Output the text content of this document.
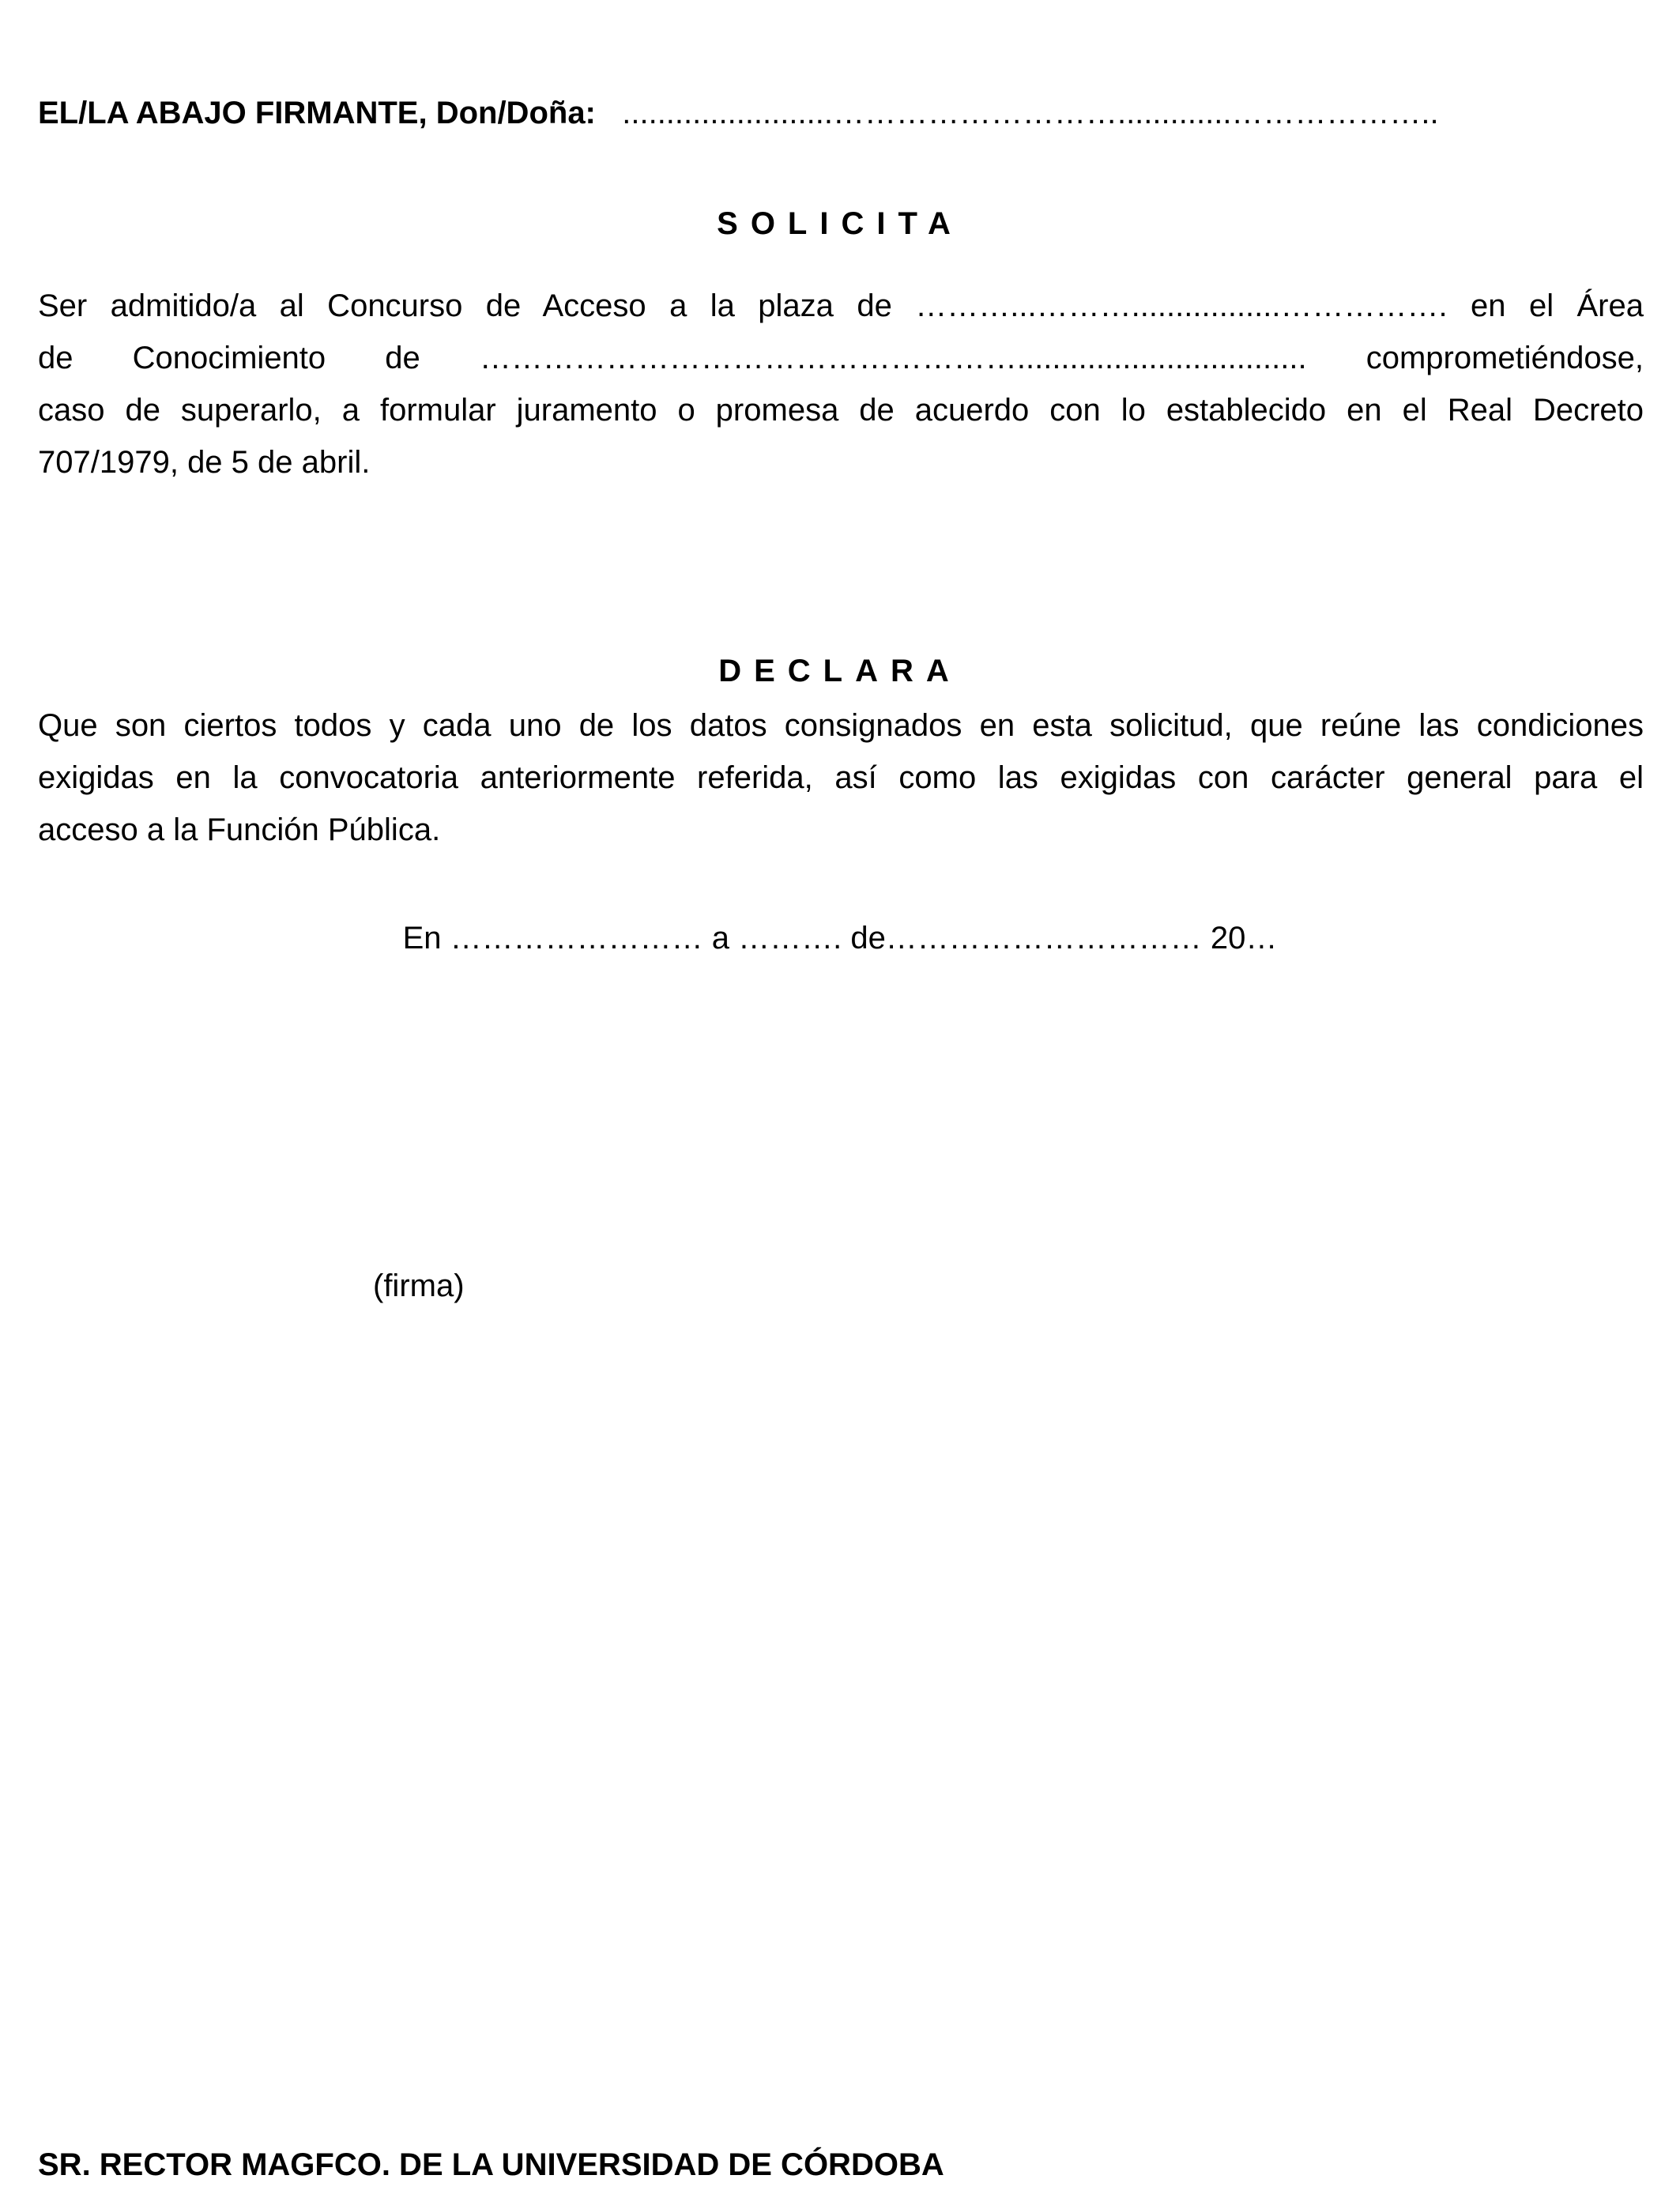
EL/LA ABAJO FIRMANTE, Don/Doña: ........................……………………….............………………..
SOLICITA
Ser admitido/a al Concurso de Acceso a la plaza de ………...……….................……………. en el Área
de Conocimiento de ……………………………………………................................. comprometiéndose,
caso de superarlo, a formular juramento o promesa de acuerdo con lo establecido en el Real Decreto
707/1979, de 5 de abril.
DECLARA
Que son ciertos todos y cada uno de los datos consignados en esta solicitud, que reúne las condiciones
exigidas en la convocatoria anteriormente referida, así como las exigidas con carácter general para el
acceso a la Función Pública.
En …………………… a ………. de………………………… 20…
(firma)
SR. RECTOR MAGFCO. DE LA UNIVERSIDAD DE CÓRDOBA
